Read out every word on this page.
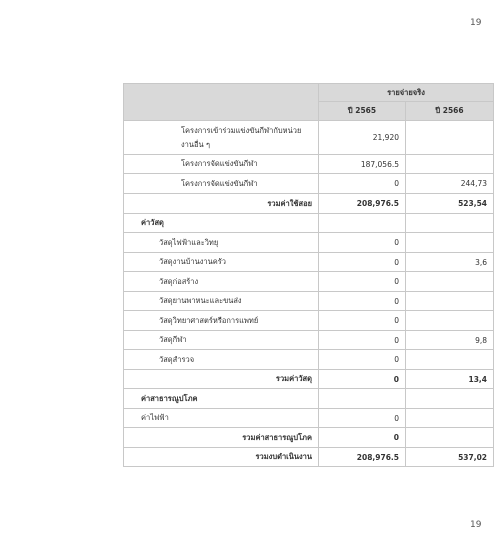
19
	รายจ่ายจริง	
	ปี 2565	ปี 2566
โครงการเข้าร่วมแข่งขันกีฬากับหน่วยงานอื่น ๆ	21,920	
โครงการจัดแข่งขันกีฬา	187,056.5	
โครงการจัดแข่งขันกีฬา	0	244,73
รวมค่าใช้สอย	208,976.5	523,54
ค่าวัสดุ		
วัสดุไฟฟ้าและวิทยุ	0	
วัสดุงานบ้านงานครัว	0	3,6
วัสดุก่อสร้าง	0	
วัสดุยานพาหนะและขนส่ง	0	
วัสดุวิทยาศาสตร์หรือการแพทย์	0	
วัสดุกีฬา	0	9,8
วัสดุสำรวจ	0	
รวมค่าวัสดุ	0	13,4
ค่าสาธารณูปโภค		
ค่าไฟฟ้า	0	
รวมค่าสาธารณูปโภค	0	
รวมงบดำเนินงาน	208,976.5	537,02
19
